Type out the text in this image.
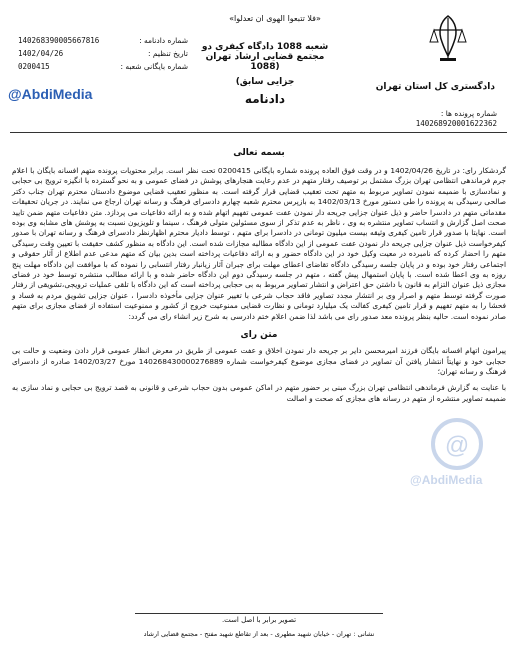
«فلا تتبعوا الهوی ان تعدلوا»
دادگستری کل استان تهران
شعبه 1088 دادگاه کیفری دو مجتمع قضایی ارشاد تهران (1088
جزایی سابق)
دادنامه
شماره دادنامه :
140268390005667816
تاریخ تنظیم :
1402/04/26
شماره بایگانی شعبه :
0200415
@AbdiMedia
شماره پرونده ها :
140268920001622362
بسمه تعالی

گردشکار رای: در تاریخ 1402/04/26 و در وقت فوق العاده پرونده شماره بایگانی 0200415 تحت نظر است. برابر محتویات پرونده متهم افسانه بایگان با اعلام جرم فرماندهی انتظامی تهران بزرگ مشتمل بر توصیف رفتار متهم در عدم رعایت هنجارهای پوشش در فضای عمومی و به نحو گسترده با انگیزه ترویج بی حجابی و نمادسازی با ضمیمه نمودن تصاویر مربوط به متهم تحت تعقیب قضایی قرار گرفته است. به منظور تعقیب قضایی موضوع دادستان محترم تهران جناب دکتر صالحی رسیدگی به پرونده را طی دستور مورخ 1402/03/13 به بازپرس محترم شعبه چهارم دادسرای فرهنگ و رسانه تهران ارجاع می نمایند. در جریان تحقیقات مقدماتی متهم در دادسرا حاضر و ذیل عنوان جزایی جریحه دار نمودن عفت عمومی تفهیم اتهام شده و به ارائه دفاعیات می پردازد. متن دفاعیات متهم ضمن تایید صحت اصل گزارش و انتساب تصاویر منتشره به وی ، ناظر به عدم تذکر از سوی مسئولین متولی فرهنگ ، سینما و تلویزیون نسبت به پوشش های مشابه وی بوده است. نهایتا با صدور قرار تامین کیفری وثیقه بیست میلیون تومانی در دادسرا برای متهم ، توسط دادیار محترم اظهارنظر دادسرای فرهنگ و رسانه تهران با صدور کیفرخواست ذیل عنوان جزایی جریحه دار نمودن عفت عمومی از این دادگاه مطالبه مجازات شده است. این دادگاه به منظور کشف حقیقت با تعیین وقت رسیدگی متهم را احضار کرده که نامبرده در معیت وکیل خود در این دادگاه حضور و به ارائه دفاعیات پرداخته است بدین بیان که متهم مدعی عدم اطلاع از آثار حقوقی و اجتماعی رفتار خود بوده و در پایان جلسه رسیدگی دادگاه تقاضای اعطای مهلت برای جبران آثار زیانبار رفتار انتسابی را نموده که با موافقت این دادگاه مهلت پنج روزه به وی اعطا شده است. با پایان استمهال پیش گفته ، متهم در جلسه رسیدگی دوم این دادگاه حاضر شده و با ارائه مطالب منتشره توسط خود در فضای مجازی ذیل عنوان التزام به قانون با داشتن حق اعتراض و انتشار تصاویر مربوط به بی حجابی پرداخته است که این دادگاه با تلقی عملیات ترویجی،تشویقی از رفتار صورت گرفته توسط متهم و اصرار وی بر انتشار مجدد تصاویر فاقد حجاب شرعی با تغییر عنوان جزایی مأخوذه دادسرا ، عنوان جزایی تشویق مردم به فساد و فحشا را به متهم تفهیم و قرار تامین کیفری کفالت یک میلیارد تومانی و نظارت قضایی ممنوعیت خروج از کشور و ممنوعیت استفاده از فضای مجازی برای متهم صادر نموده است. حالیه بنظر پرونده معد صدور رای می باشد لذا ضمن اعلام ختم دادرسی به شرح زیر انشاء رای می گردد:

متن رای

پیرامون اتهام افسانه بایگان فرزند امیرمحسن دایر بر جریحه دار نمودن اخلاق و عفت عمومی از طریق در معرض انظار عمومی قرار دادن وضعیت و حالت بی حجابی خود و نهایتاً انتشار یافتن آن تصاویر در فضای مجازی موضوع کیفرخواست شماره 140268430000276889 مورخ 1402/03/27 صادره از دادسرای فرهنگ و رسانه تهران؛

با عنایت به گزارش فرماندهی انتظامی تهران بزرگ مبنی بر حضور متهم در اماکن عمومی بدون حجاب شرعی و قانونی به قصد ترویج بی حجابی و نماد سازی به ضمیمه تصاویر منتشره از متهم در رسانه های مجازی که صحت و اصالت

@
@AbdiMedia
تصویر برابر با اصل است.
نشانی : تهران - خیابان شهید مطهری - بعد از تقاطع شهید مفتح - مجتمع قضایی ارشاد
